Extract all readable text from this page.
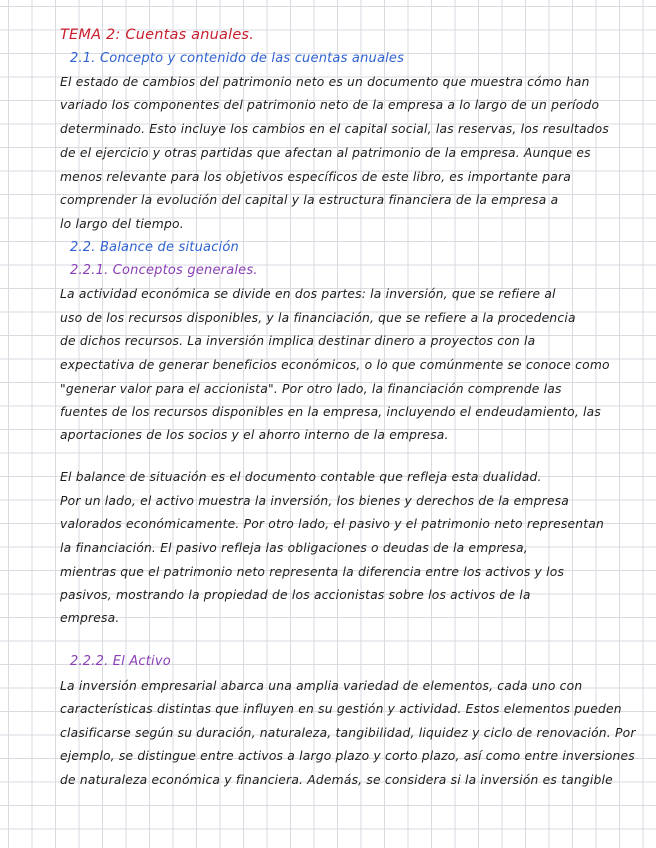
TEMA 2: Cuentas anuales.
2.1. Concepto y contenido de las cuentas anuales
El estado de cambios del patrimonio neto es un documento que muestra cómo han
variado los componentes del patrimonio neto de la empresa a lo largo de un período
determinado. Esto incluye los cambios en el capital social, las reservas, los resultados
de el ejercicio y otras partidas que afectan al patrimonio de la empresa. Aunque es
menos relevante para los objetivos específicos de este libro, es importante para
comprender la evolución del capital y la estructura financiera de la empresa a
lo largo del tiempo.
2.2. Balance de situación
2.2.1. Conceptos generales.
La actividad económica se divide en dos partes: la inversión, que se refiere al
uso de los recursos disponibles, y la financiación, que se refiere a la procedencia
de dichos recursos. La inversión implica destinar dinero a proyectos con la
expectativa de generar beneficios económicos, o lo que comúnmente se conoce como
"generar valor para el accionista". Por otro lado, la financiación comprende las
fuentes de los recursos disponibles en la empresa, incluyendo el endeudamiento, las
aportaciones de los socios y el ahorro interno de la empresa.
El balance de situación es el documento contable que refleja esta dualidad.
Por un lado, el activo muestra la inversión, los bienes y derechos de la empresa
valorados económicamente. Por otro lado, el pasivo y el patrimonio neto representan
la financiación. El pasivo refleja las obligaciones o deudas de la empresa,
mientras que el patrimonio neto representa la diferencia entre los activos y los
pasivos, mostrando la propiedad de los accionistas sobre los activos de la
empresa.
2.2.2. El Activo
La inversión empresarial abarca una amplia variedad de elementos, cada uno con
características distintas que influyen en su gestión y actividad. Estos elementos pueden
clasificarse según su duración, naturaleza, tangibilidad, liquidez y ciclo de renovación. Por
ejemplo, se distingue entre activos a largo plazo y corto plazo, así como entre inversiones
de naturaleza económica y financiera. Además, se considera si la inversión es tangible
